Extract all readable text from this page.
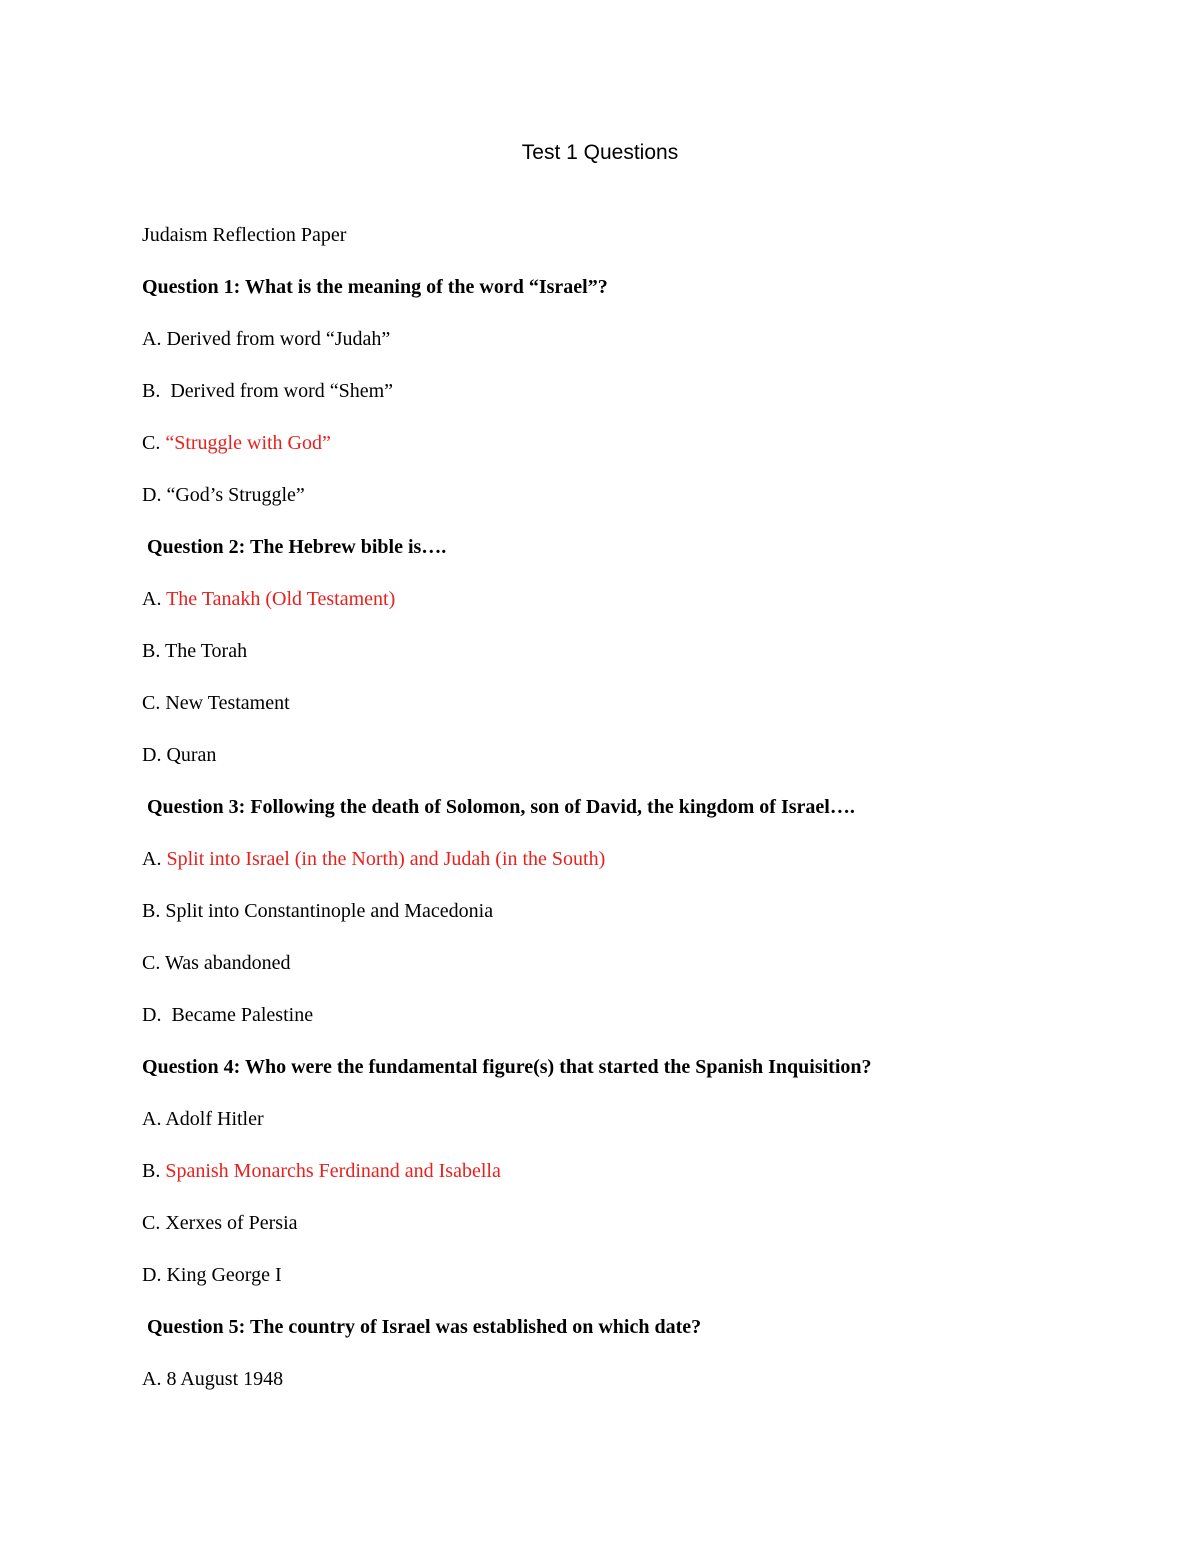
Test 1 Questions
Judaism Reflection Paper
Question 1: What is the meaning of the word “Israel”?
A. Derived from word “Judah”
B.  Derived from word “Shem”
C. “Struggle with God”
D. “God’s Struggle”
Question 2: The Hebrew bible is….
A. The Tanakh (Old Testament)
B. The Torah
C. New Testament
D. Quran
Question 3: Following the death of Solomon, son of David, the kingdom of Israel….
A. Split into Israel (in the North) and Judah (in the South)
B. Split into Constantinople and Macedonia
C. Was abandoned
D.  Became Palestine
Question 4: Who were the fundamental figure(s) that started the Spanish Inquisition?
A. Adolf Hitler
B. Spanish Monarchs Ferdinand and Isabella
C. Xerxes of Persia
D. King George I
Question 5: The country of Israel was established on which date?
A. 8 August 1948
